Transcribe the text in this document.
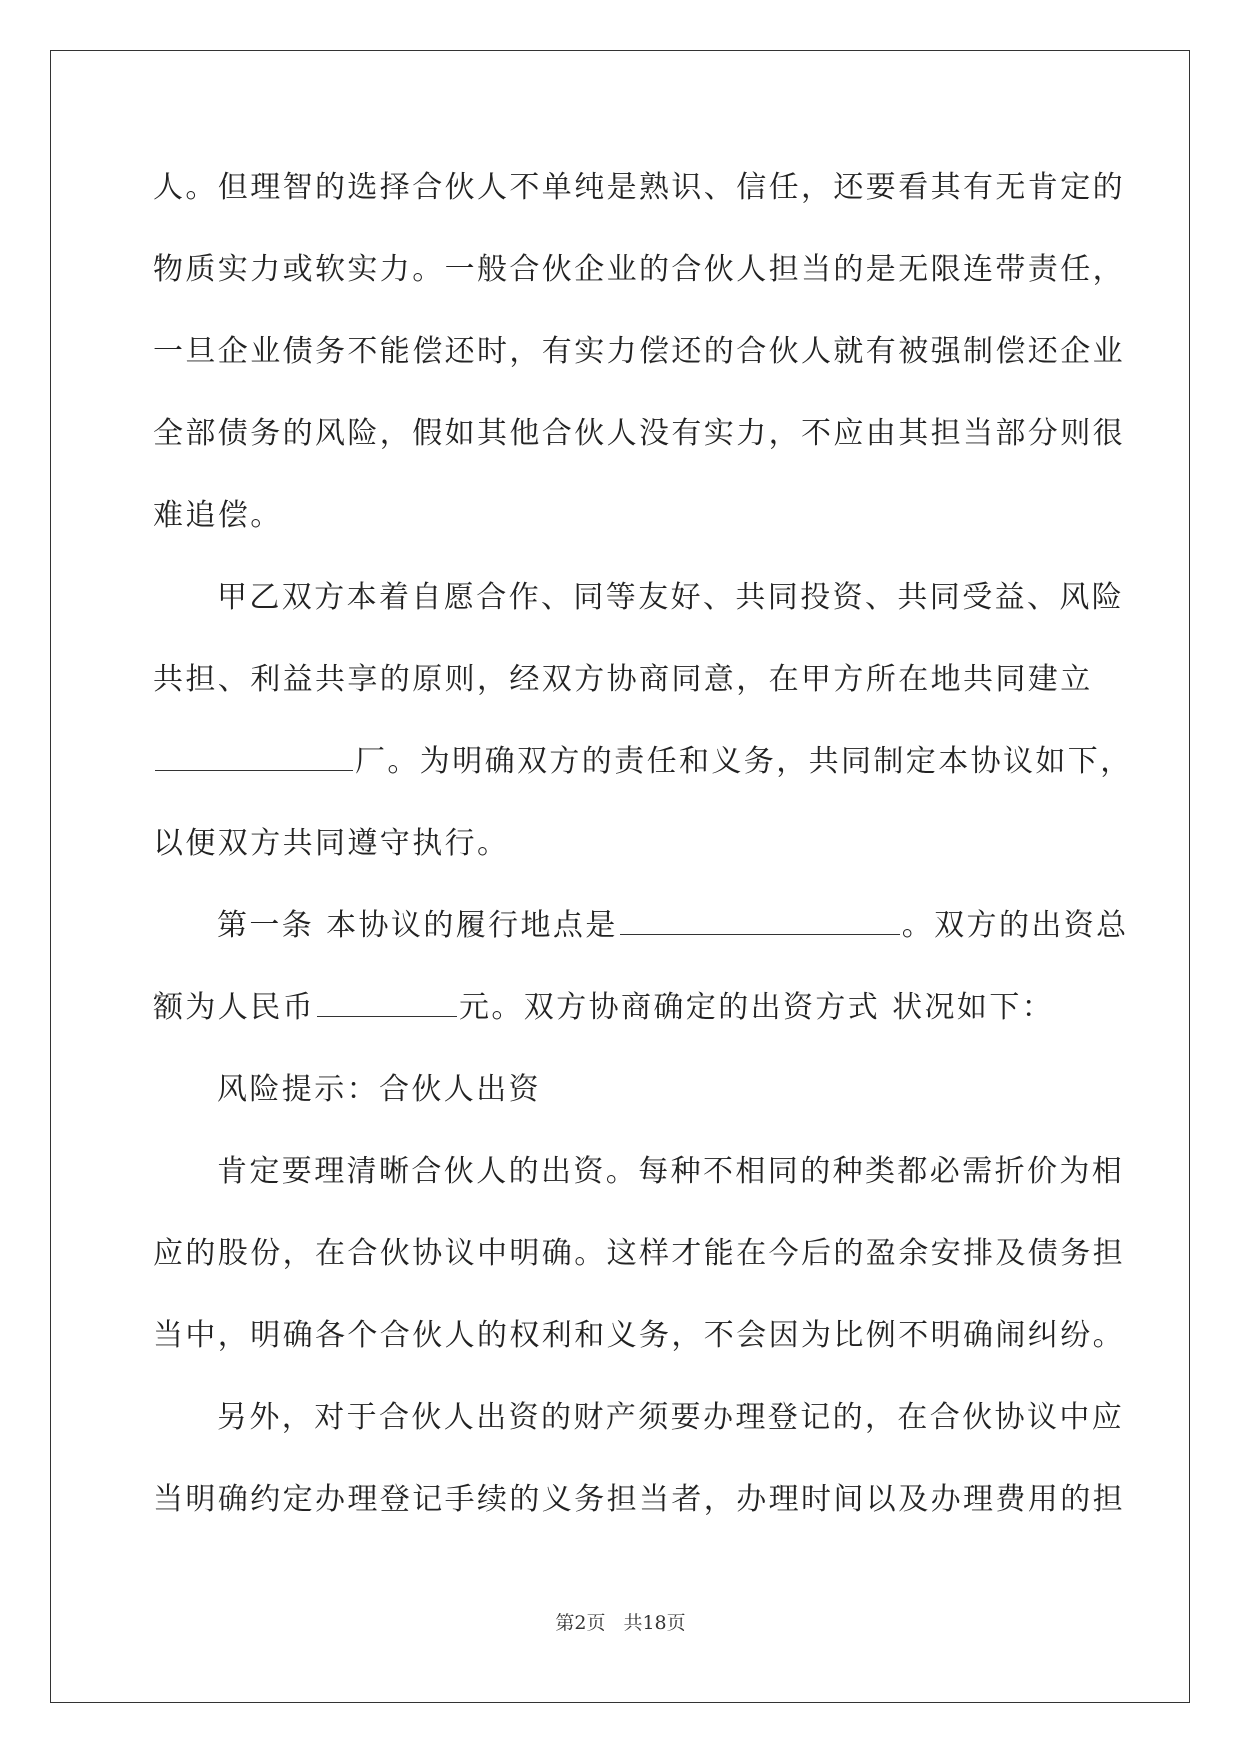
人。但理智的选择合伙人不单纯是熟识、信任，还要看其有无肯定的
物质实力或软实力。一般合伙企业的合伙人担当的是无限连带责任，
一旦企业债务不能偿还时，有实力偿还的合伙人就有被强制偿还企业
全部债务的风险，假如其他合伙人没有实力，不应由其担当部分则很
难追偿。
甲乙双方本着自愿合作、同等友好、共同投资、共同受益、风险
共担、利益共享的原则，经双方协商同意，在甲方所在地共同建立
厂。为明确双方的责任和义务，共同制定本协议如下，
以便双方共同遵守执行。
第一条 本协议的履行地点是	。双方的出资总
额为人民币	元。双方协商确定的出资方式 状况如下：
风险提示：合伙人出资
肯定要理清晰合伙人的出资。每种不相同的种类都必需折价为相
应的股份，在合伙协议中明确。这样才能在今后的盈余安排及债务担
当中，明确各个合伙人的权利和义务，不会因为比例不明确闹纠纷。
另外，对于合伙人出资的财产须要办理登记的，在合伙协议中应
当明确约定办理登记手续的义务担当者，办理时间以及办理费用的担
第2页 共18页
